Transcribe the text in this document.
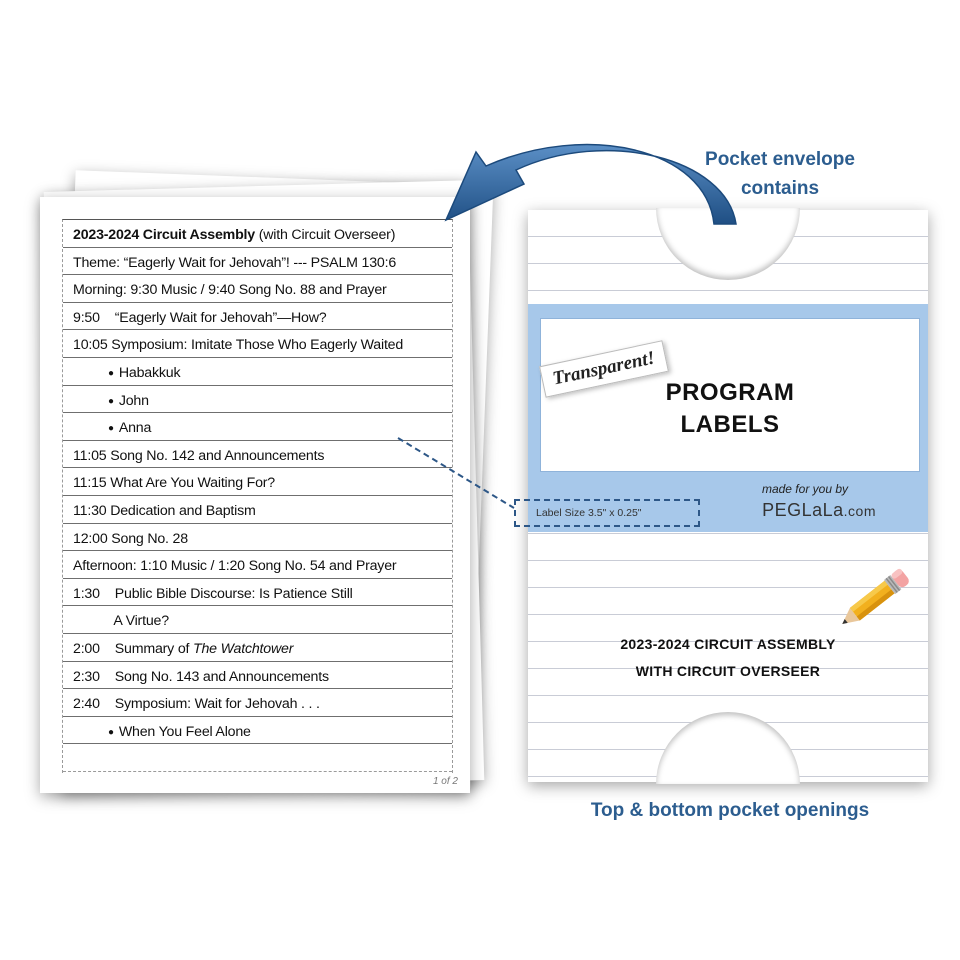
2023-2024 Circuit Assembly (with Circuit Overseer)
Theme: “Eagerly Wait for Jehovah”! --- PSALM 130:6
Morning: 9:30 Music / 9:40 Song No. 88 and Prayer
9:50    “Eagerly Wait for Jehovah”—How?
10:05 Symposium: Imitate Those Who Eagerly Waited
● Habakkuk
● John
● Anna
11:05 Song No. 142 and Announcements
11:15 What Are You Waiting For?
11:30 Dedication and Baptism
12:00 Song No. 28
Afternoon: 1:10 Music / 1:20 Song No. 54 and Prayer
1:30    Public Bible Discourse: Is Patience Still
A Virtue?
2:00    Summary of The Watchtower
2:30    Song No. 143 and Announcements
2:40    Symposium: Wait for Jehovah . . .
● When You Feel Alone
1 of 2
Transparent!
PROGRAM
LABELS
made for you by
PEGLaLa.com
2023-2024 CIRCUIT ASSEMBLY
WITH CIRCUIT OVERSEER
Label Size 3.5" x 0.25"
Pocket envelope contains
Top & bottom pocket openings
